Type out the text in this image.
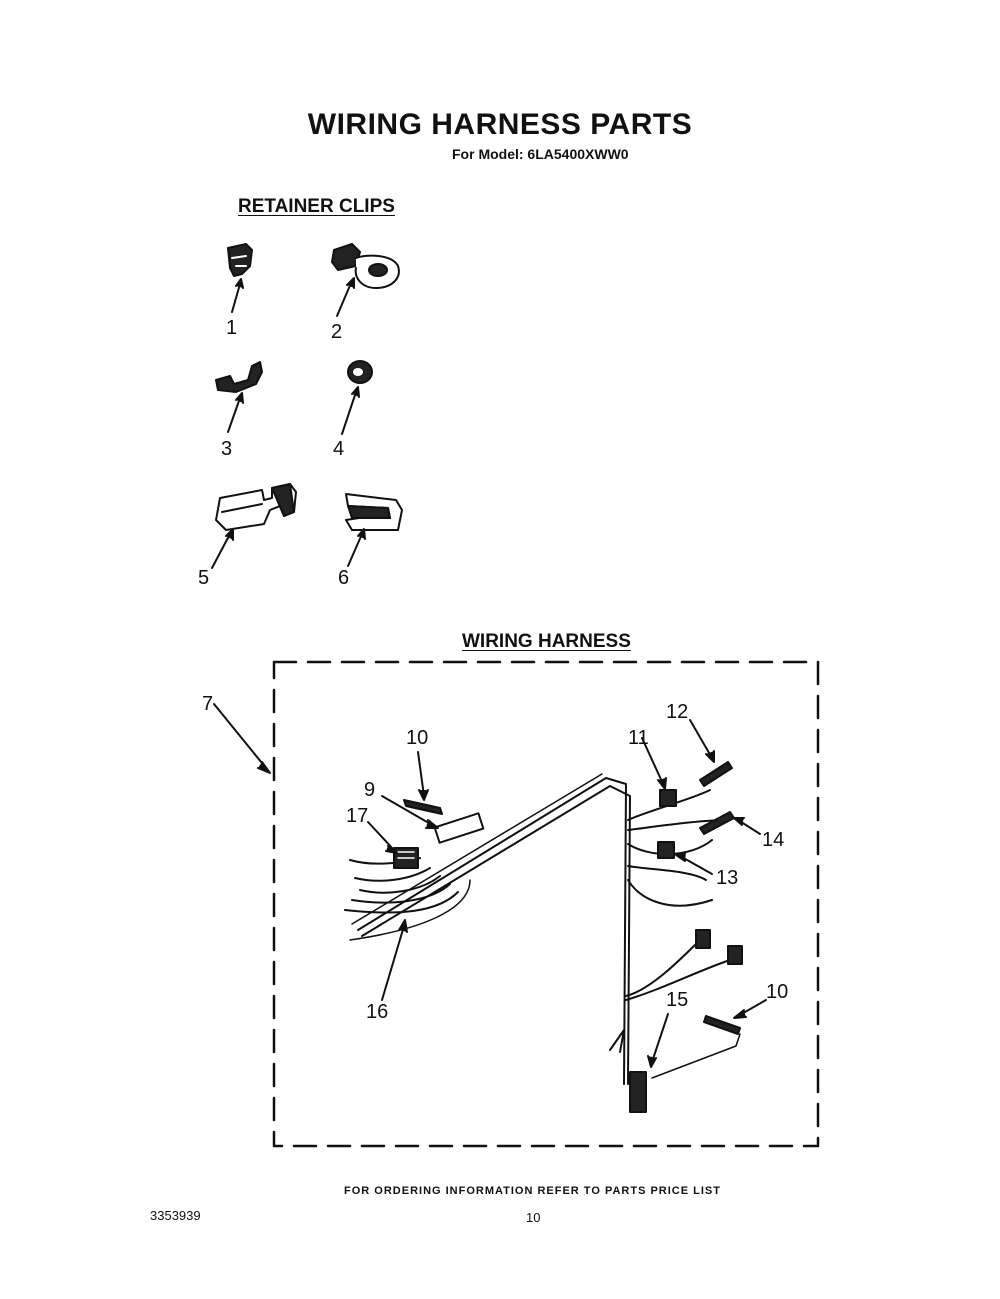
WIRING HARNESS PARTS
For Model: 6LA5400XWW0
RETAINER CLIPS
WIRING HARNESS
1	2
3	4
5	6
7
10
9
17
12
11
14
13
10
15
16
FOR ORDERING INFORMATION REFER TO PARTS PRICE LIST
3353939	10
